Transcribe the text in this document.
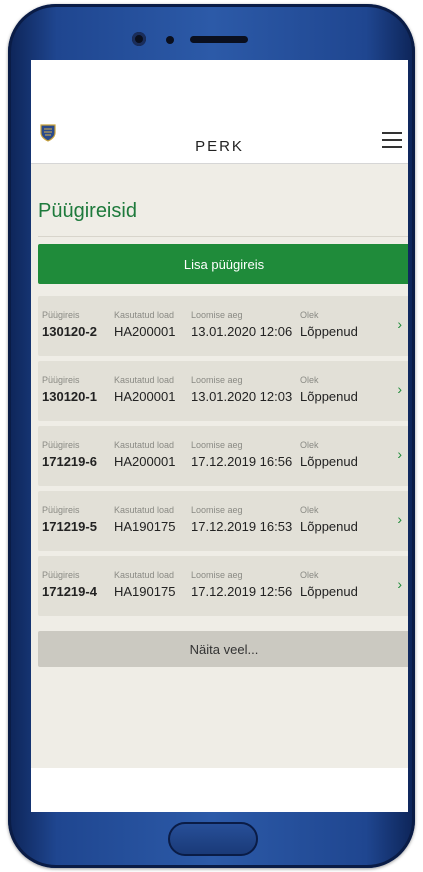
PERK
Püügireisid
Lisa püügireis
Püügireis
130120-2
Kasutatud load
HA200001
Loomise aeg
13.01.2020 12:06
Olek
Lõppenud	›
Püügireis
130120-1
Kasutatud load
HA200001
Loomise aeg
13.01.2020 12:03
Olek
Lõppenud	›
Püügireis
171219-6
Kasutatud load
HA200001
Loomise aeg
17.12.2019 16:56
Olek
Lõppenud	›
Püügireis
171219-5
Kasutatud load
HA190175
Loomise aeg
17.12.2019 16:53
Olek
Lõppenud	›
Püügireis
171219-4
Kasutatud load
HA190175
Loomise aeg
17.12.2019 12:56
Olek
Lõppenud	›
Näita veel...
